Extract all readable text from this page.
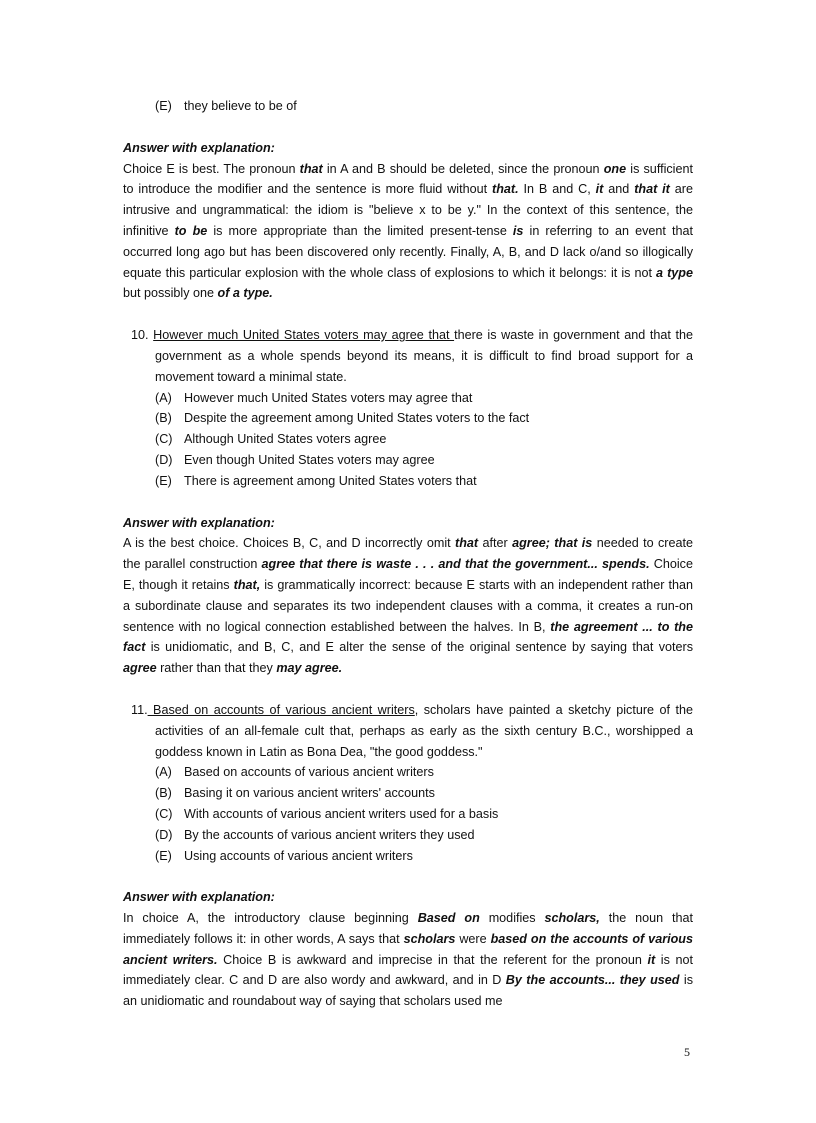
(E) they believe to be of
Answer with explanation:
Choice E is best. The pronoun that in A and B should be deleted, since the pronoun one is sufficient to introduce the modifier and the sentence is more fluid without that. In B and C, it and that it are intrusive and ungrammatical: the idiom is "believe x to be y." In the context of this sentence, the infinitive to be is more appropriate than the limited present-tense is in referring to an event that occurred long ago but has been discovered only recently. Finally, A, B, and D lack o/and so illogically equate this particular explosion with the whole class of explosions to which it belongs: it is not a type but possibly one of a type.
10. However much United States voters may agree that there is waste in government and that the government as a whole spends beyond its means, it is difficult to find broad support for a movement toward a minimal state.
(A) However much United States voters may agree that
(B) Despite the agreement among United States voters to the fact
(C) Although United States voters agree
(D) Even though United States voters may agree
(E) There is agreement among United States voters that
Answer with explanation:
A is the best choice. Choices B, C, and D incorrectly omit that after agree; that is needed to create the parallel construction agree that there is waste . . . and that the government... spends. Choice E, though it retains that, is grammatically incorrect: because E starts with an independent rather than a subordinate clause and separates its two independent clauses with a comma, it creates a run-on sentence with no logical connection established between the halves. In B, the agreement ... to the fact is unidiomatic, and B, C, and E alter the sense of the original sentence by saying that voters agree rather than that they may agree.
11. Based on accounts of various ancient writers, scholars have painted a sketchy picture of the activities of an all-female cult that, perhaps as early as the sixth century B.C., worshipped a goddess known in Latin as Bona Dea, "the good goddess."
(A) Based on accounts of various ancient writers
(B) Basing it on various ancient writers' accounts
(C) With accounts of various ancient writers used for a basis
(D) By the accounts of various ancient writers they used
(E) Using accounts of various ancient writers
Answer with explanation:
In choice A, the introductory clause beginning Based on modifies scholars, the noun that immediately follows it: in other words, A says that scholars were based on the accounts of various ancient writers. Choice B is awkward and imprecise in that the referent for the pronoun it is not immediately clear. C and D are also wordy and awkward, and in D By the accounts... they used is an unidiomatic and roundabout way of saying that scholars used me
5
